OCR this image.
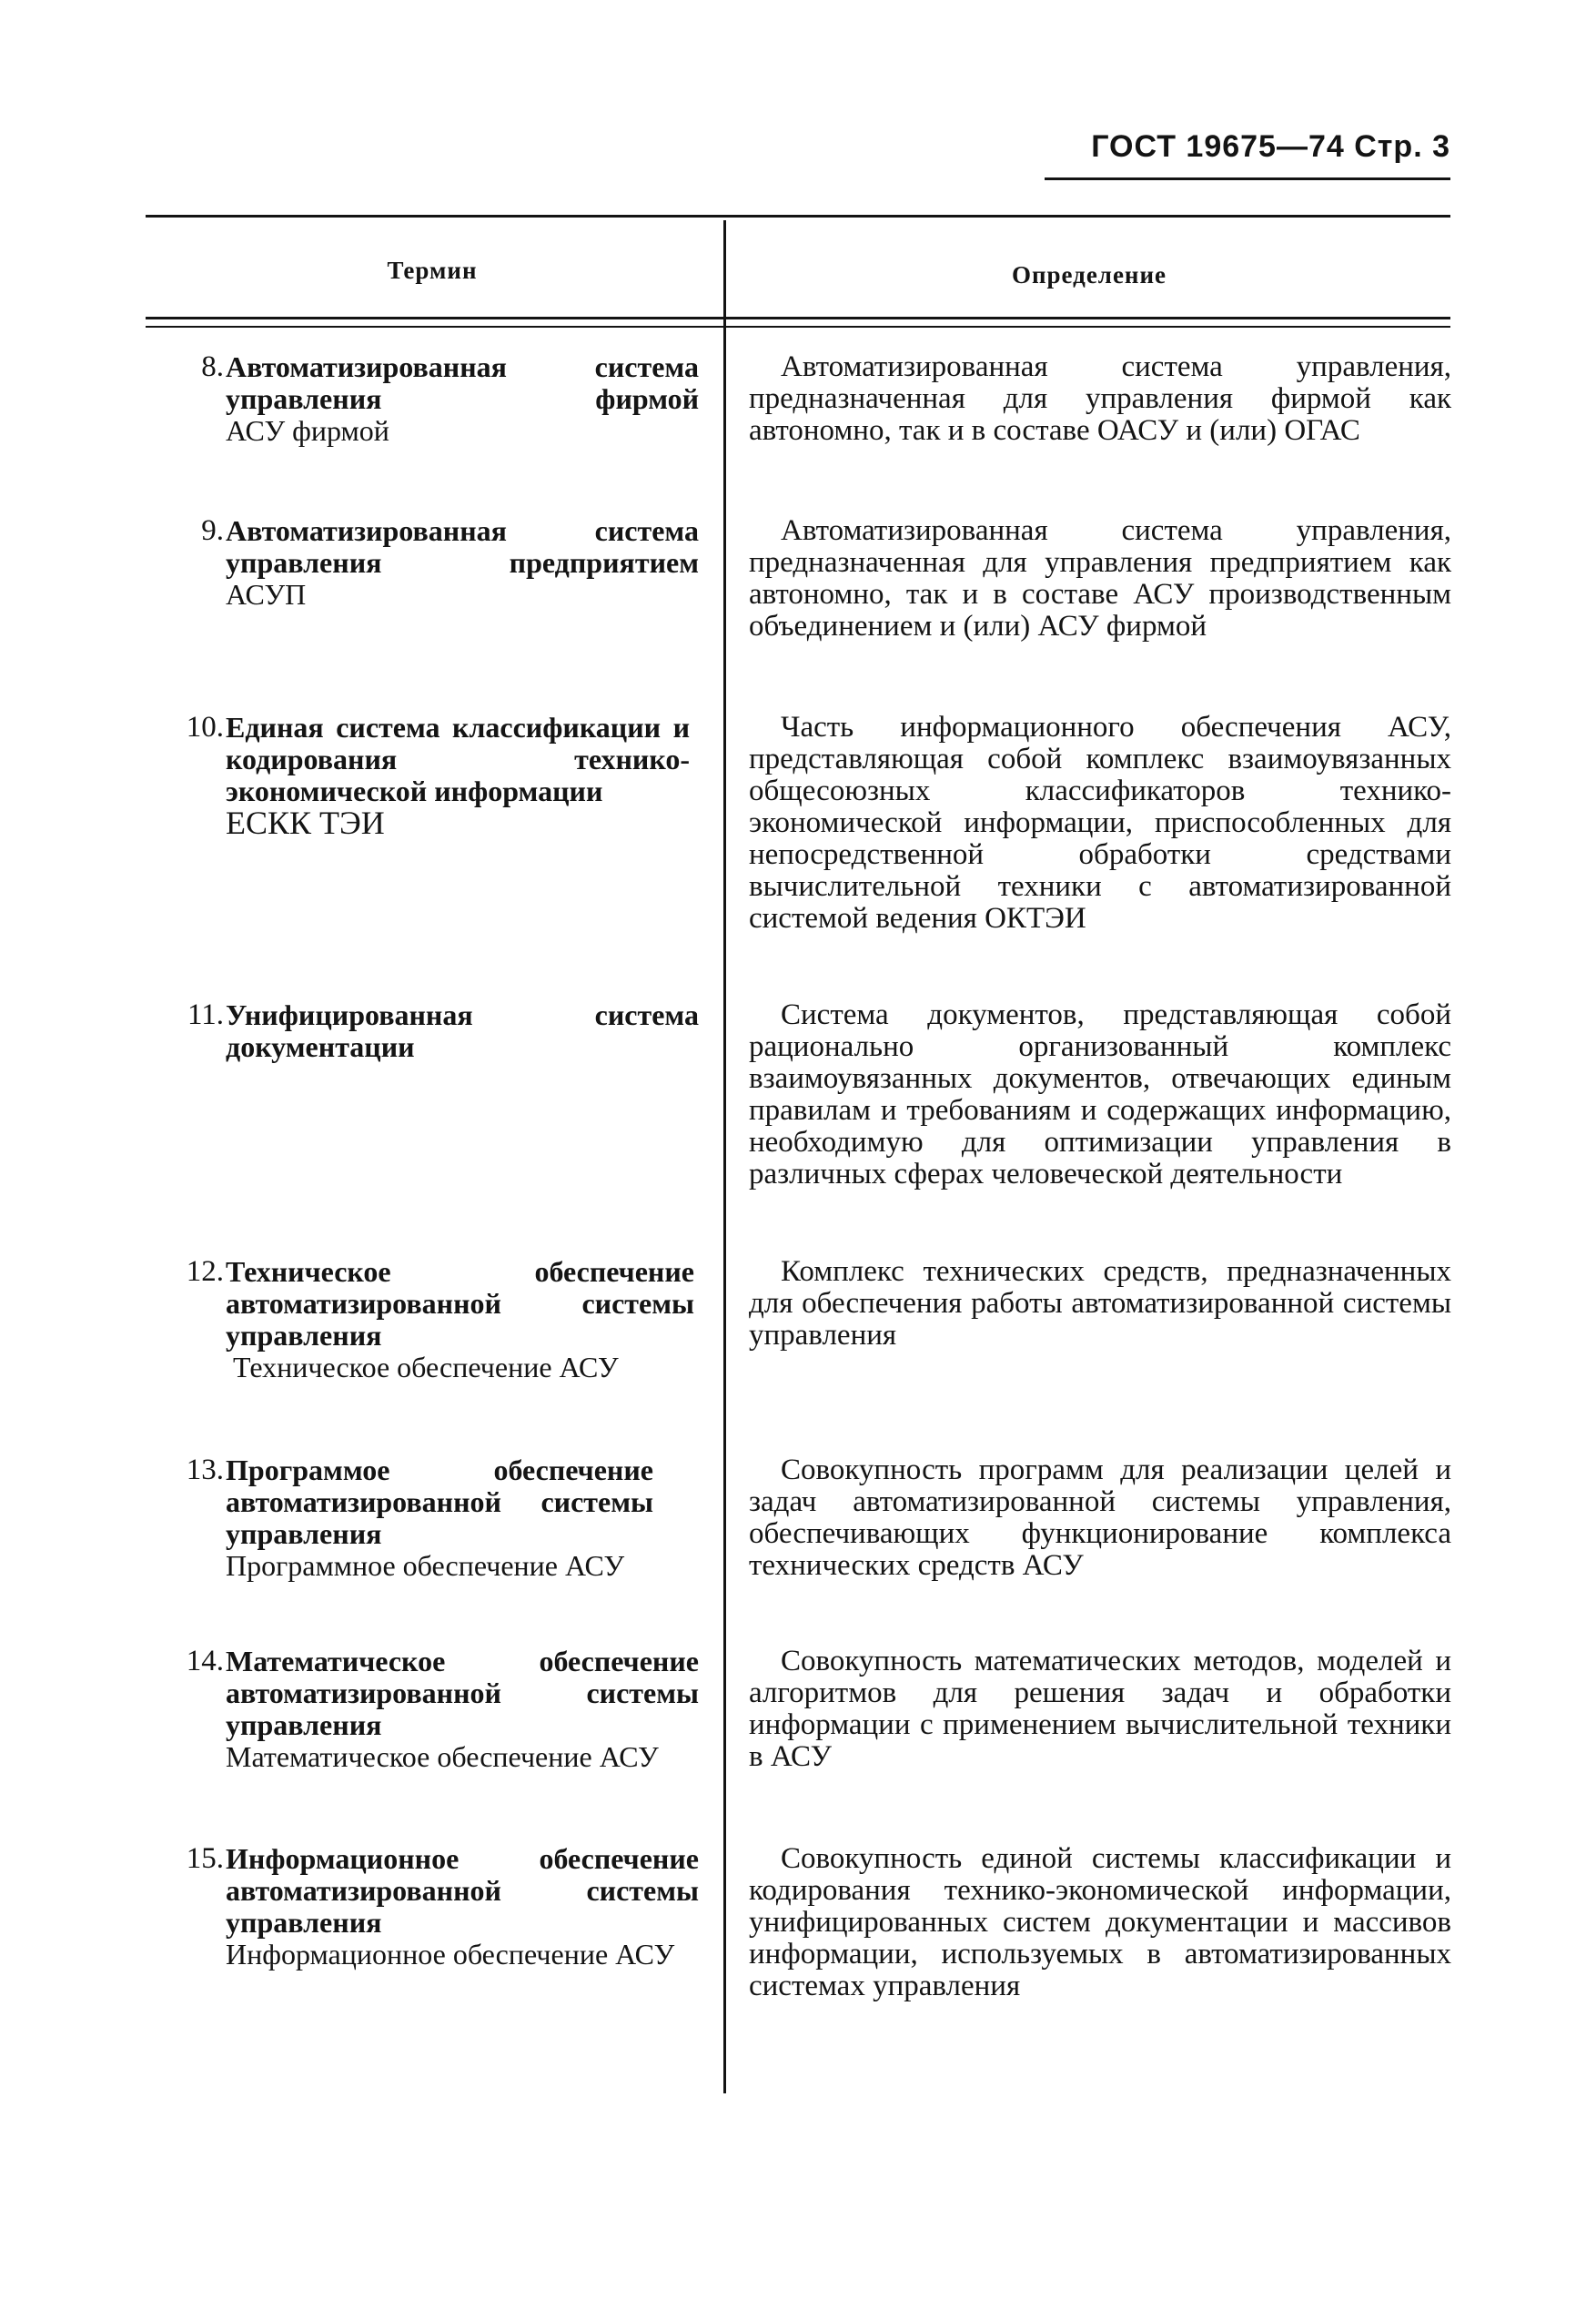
ГОСТ 19675—74 Стр. 3
Термин	Определение
8. Автоматизированная система управления фирмой
АСУ фирмой
Автоматизированная система управления, предназначенная для управления фирмой как автономно, так и в составе ОАСУ и (или) ОГАС
9. Автоматизированная система управления предприятием
АСУП
Автоматизированная система управления, предназначенная для управления предприятием как автономно, так и в составе АСУ производственным объединением и (или) АСУ фирмой
10. Единая система классификации и кодирования технико-экономической информации
ЕСКК ТЭИ
Часть информационного обеспечения АСУ, представляющая собой комплекс взаимоувязанных общесоюзных классификаторов технико-экономической информации, приспособленных для непосредственной обработки средствами вычислительной техники с автоматизированной системой ведения ОКТЭИ
11. Унифицированная система документации
Система документов, представляющая собой рационально организованный комплекс взаимоувязанных документов, отвечающих единым правилам и требованиям и содержащих информацию, необходимую для оптимизации управления в различных сферах человеческой деятельности
12. Техническое обеспечение автоматизированной системы управления
Техническое обеспечение АСУ
Комплекс технических средств, предназначенных для обеспечения работы автоматизированной системы управления
13. Программое обеспечение автоматизированной системы управления
Программное обеспечение АСУ
Совокупность программ для реализации целей и задач автоматизированной системы управления, обеспечивающих функционирование комплекса технических средств АСУ
14. Математическое обеспечение автоматизированной системы управления
Математическое обеспечение АСУ
Совокупность математических методов, моделей и алгоритмов для решения задач и обработки информации с применением вычислительной техники в АСУ
15. Информационное обеспечение автоматизированной системы управления
Информационное обеспечение АСУ
Совокупность единой системы классификации и кодирования технико-экономической информации, унифицированных систем документации и массивов информации, используемых в автоматизированных системах управления
